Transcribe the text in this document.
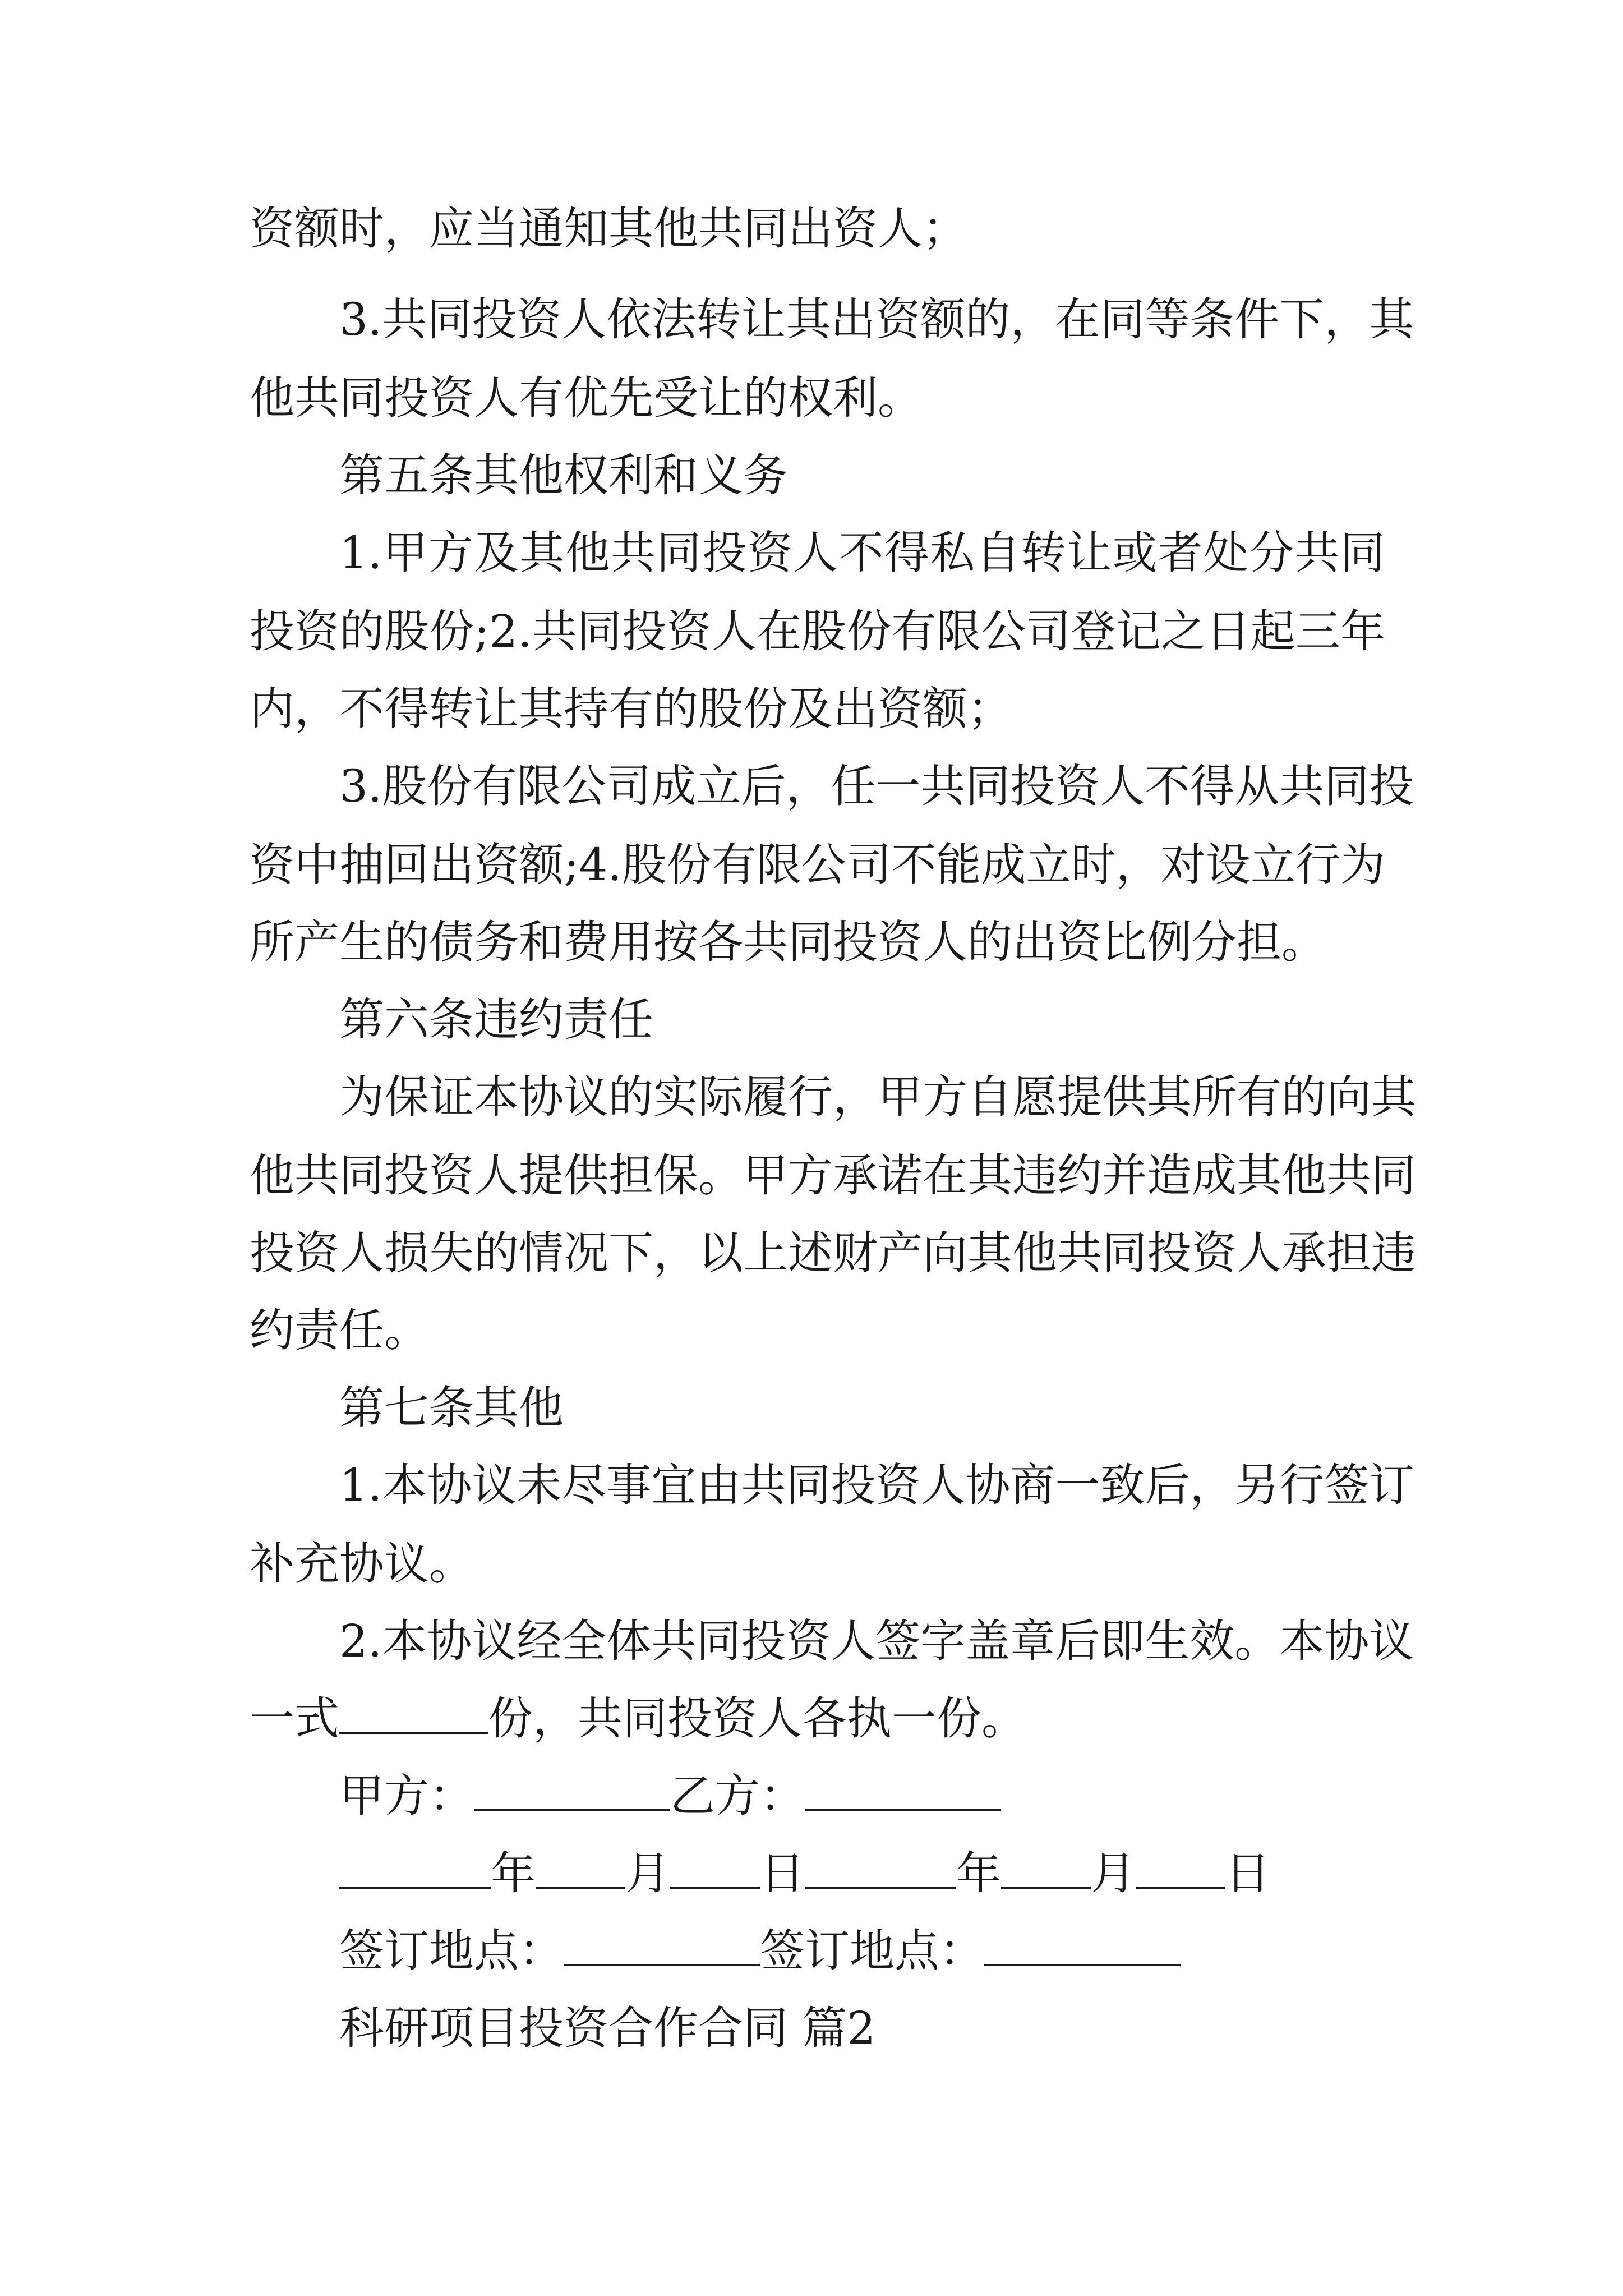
资额时，应当通知其他共同出资人；
3.共同投资人依法转让其出资额的，在同等条件下，其
他共同投资人有优先受让的权利。
第五条其他权利和义务
1.甲方及其他共同投资人不得私自转让或者处分共同
投资的股份;2.共同投资人在股份有限公司登记之日起三年
内，不得转让其持有的股份及出资额；
3.股份有限公司成立后，任一共同投资人不得从共同投
资中抽回出资额;4.股份有限公司不能成立时，对设立行为
所产生的债务和费用按各共同投资人的出资比例分担。
第六条违约责任
为保证本协议的实际履行，甲方自愿提供其所有的向其
他共同投资人提供担保。甲方承诺在其违约并造成其他共同
投资人损失的情况下，以上述财产向其他共同投资人承担违
约责任。
第七条其他
1.本协议未尽事宜由共同投资人协商一致后，另行签订
补充协议。
2.本协议经全体共同投资人签字盖章后即生效。本协议
一式	份，共同投资人各执一份。
甲方：	乙方：
年 月 日	年 月 日
签订地点：	签订地点：
科研项目投资合作合同 篇2
